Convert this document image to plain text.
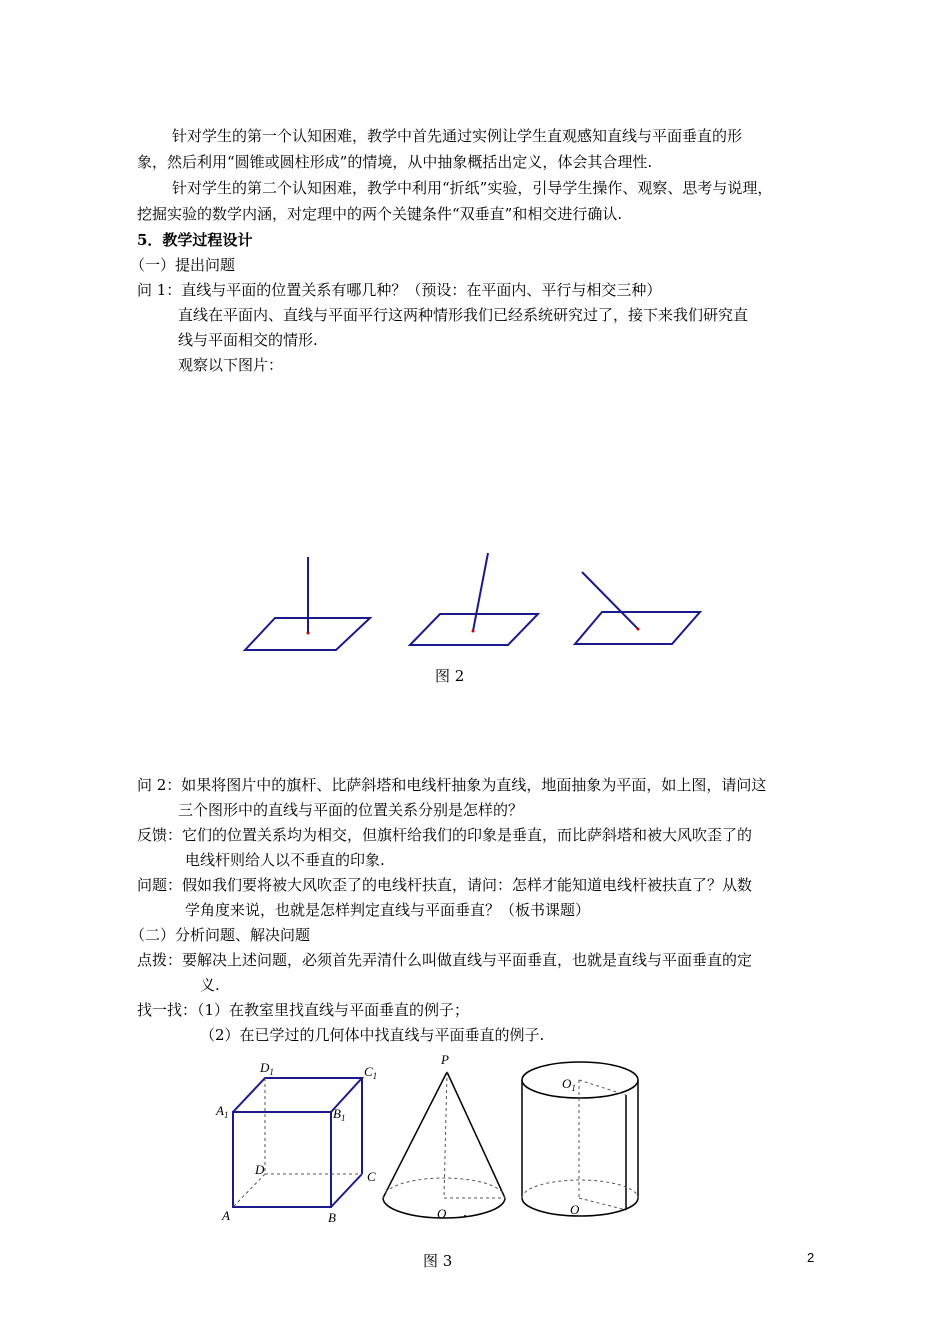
针对学生的第一个认知困难，教学中首先通过实例让学生直观感知直线与平面垂直的形
象，然后利用“圆锥或圆柱形成”的情境，从中抽象概括出定义，体会其合理性.
针对学生的第二个认知困难，教学中利用“折纸”实验，引导学生操作、观察、思考与说理，
挖掘实验的数学内涵，对定理中的两个关键条件“双垂直”和相交进行确认.
5．教学过程设计
（一）提出问题
问 1：直线与平面的位置关系有哪几种？（预设：在平面内、平行与相交三种）
直线在平面内、直线与平面平行这两种情形我们已经系统研究过了，接下来我们研究直
线与平面相交的情形.
观察以下图片：
图 2
问 2：如果将图片中的旗杆、比萨斜塔和电线杆抽象为直线，地面抽象为平面，如上图，请问这
三个图形中的直线与平面的位置关系分别是怎样的？
反馈：它们的位置关系均为相交，但旗杆给我们的印象是垂直，而比萨斜塔和被大风吹歪了的
电线杆则给人以不垂直的印象.
问题：假如我们要将被大风吹歪了的电线杆扶直，请问：怎样才能知道电线杆被扶直了？从数
学角度来说，也就是怎样判定直线与平面垂直？（板书课题）
（二）分析问题、解决问题
点拨：要解决上述问题，必须首先弄清什么叫做直线与平面垂直，也就是直线与平面垂直的定
义.
找一找：（1）在教室里找直线与平面垂直的例子；
（2）在已学过的几何体中找直线与平面垂直的例子.
$D_1$	$C_1$
$A_1$	$B_1$
D	C
A	B
P
O
$O_1$
O
图 3	2
